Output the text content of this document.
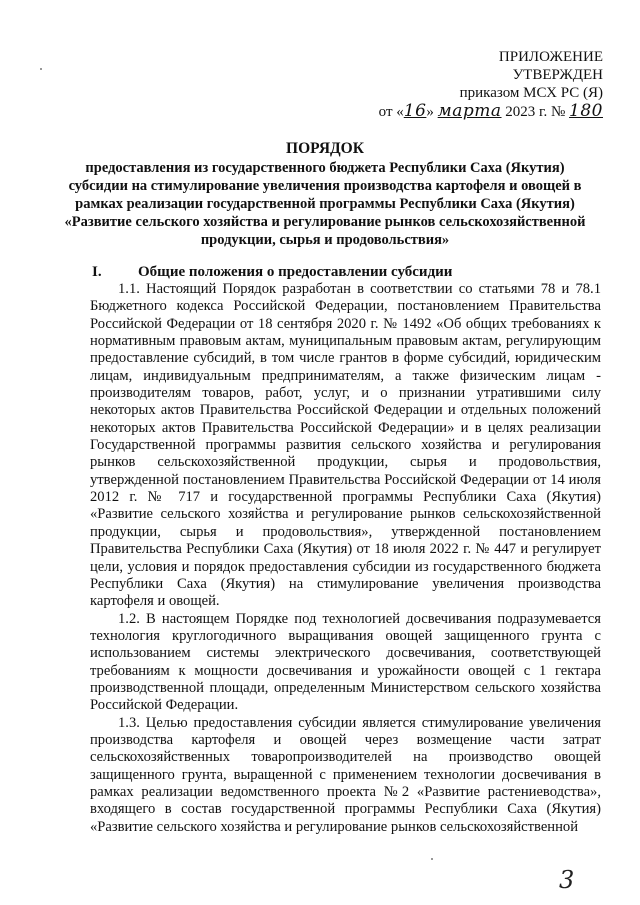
ПРИЛОЖЕНИЕ
УТВЕРЖДЕН
приказом МСХ РС (Я)
от «16» марта 2023 г. № 180
ПОРЯДОК
предоставления из государственного бюджета Республики Саха (Якутия) субсидии на стимулирование увеличения производства картофеля и овощей в рамках реализации государственной программы Республики Саха (Якутия) «Развитие сельского хозяйства и регулирование рынков сельскохозяйственной продукции, сырья и продовольствия»
I. Общие положения о предоставлении субсидии

1.1. Настоящий Порядок разработан в соответствии со статьями 78 и 78.1 Бюджетного кодекса Российской Федерации, постановлением Правительства Российской Федерации от 18 сентября 2020 г. № 1492 «Об общих требованиях к нормативным правовым актам, муниципальным правовым актам, регулирующим предоставление субсидий, в том числе грантов в форме субсидий, юридическим лицам, индивидуальным предпринимателям, а также физическим лицам - производителям товаров, работ, услуг, и о признании утратившими силу некоторых актов Правительства Российской Федерации и отдельных положений некоторых актов Правительства Российской Федерации» и в целях реализации Государственной программы развития сельского хозяйства и регулирования рынков сельскохозяйственной продукции, сырья и продовольствия, утвержденной постановлением Правительства Российской Федерации от 14 июля 2012 г. № 717 и государственной программы Республики Саха (Якутия) «Развитие сельского хозяйства и регулирование рынков сельскохозяйственной продукции, сырья и продовольствия», утвержденной постановлением Правительства Республики Саха (Якутия) от 18 июля 2022 г. № 447 и регулирует цели, условия и порядок предоставления субсидии из государственного бюджета Республики Саха (Якутия) на стимулирование увеличения производства картофеля и овощей.

1.2. В настоящем Порядке под технологией досвечивания подразумевается технология круглогодичного выращивания овощей защищенного грунта с использованием системы электрического досвечивания, соответствующей требованиям к мощности досвечивания и урожайности овощей с 1 гектара производственной площади, определенным Министерством сельского хозяйства Российской Федерации.

1.3. Целью предоставления субсидии является стимулирование увеличения производства картофеля и овощей через возмещение части затрат сельскохозяйственных товаропроизводителей на производство овощей защищенного грунта, выращенной с применением технологии досвечивания в рамках реализации ведомственного проекта №2 «Развитие растениеводства», входящего в состав государственной программы Республики Саха (Якутия) «Развитие сельского хозяйства и регулирование рынков сельскохозяйственной

3
